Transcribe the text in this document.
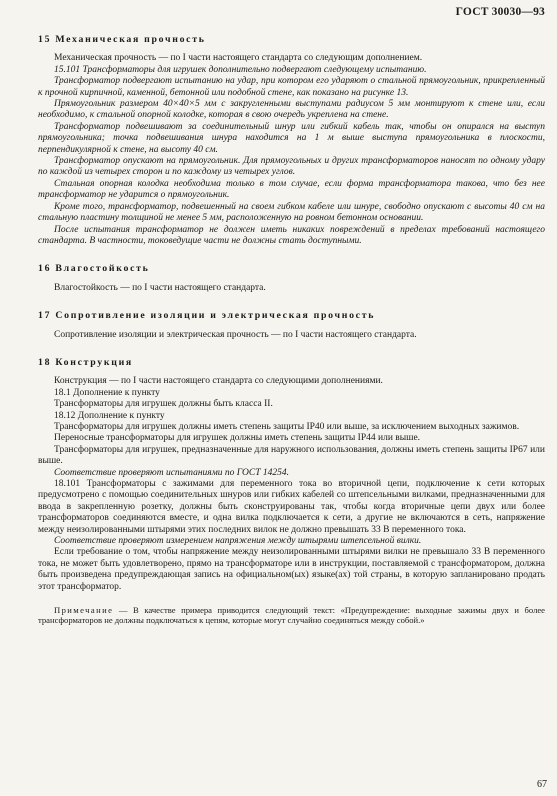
ГОСТ 30030—93
15 Механическая прочность

Механическая прочность — по I части настоящего стандарта со следующим дополнением.

15.101 Трансформаторы для игрушек дополнительно подвергают следующему испытанию.

Трансформатор подвергают испытанию на удар, при котором его ударяют о стальной прямоугольник, прикрепленный к прочной кирпичной, каменной, бетонной или подобной стене, как показано на рисунке 13.

Прямоугольник размером 40×40×5 мм с закругленными выступами радиусом 5 мм монтируют к стене или, если необходимо, к стальной опорной колодке, которая в свою очередь укреплена на стене.

Трансформатор подвешивают за соединительный шнур или гибкий кабель так, чтобы он опирался на выступ прямоугольника; точка подвешивания шнура находится на 1 м выше выступа прямоугольника в плоскости, перпендикулярной к стене, на высоту 40 см.

Трансформатор опускают на прямоугольник. Для прямоугольных и других трансформаторов наносят по одному удару по каждой из четырех сторон и по каждому из четырех углов.

Стальная опорная колодка необходима только в том случае, если форма трансформатора такова, что без нее трансформатор не ударится о прямоугольник.

Кроме того, трансформатор, подвешенный на своем гибком кабеле или шнуре, свободно опускают с высоты 40 см на стальную пластину толщиной не менее 5 мм, расположенную на ровном бетонном основании.

После испытания трансформатор не должен иметь никаких повреждений в пределах требований настоящего стандарта. В частности, токоведущие части не должны стать доступными.

16 Влагостойкость

Влагостойкость — по I части настоящего стандарта.

17 Сопротивление изоляции и электрическая прочность

Сопротивление изоляции и электрическая прочность — по I части настоящего стандарта.

18 Конструкция

Конструкция — по I части настоящего стандарта со следующими дополнениями.

18.1 Дополнение к пункту

Трансформаторы для игрушек должны быть класса II.

18.12 Дополнение к пункту

Трансформаторы для игрушек должны иметь степень защиты IP40 или выше, за исключением выходных зажимов.

Переносные трансформаторы для игрушек должны иметь степень защиты IP44 или выше.

Трансформаторы для игрушек, предназначенные для наружного использования, должны иметь степень защиты IP67 или выше.

Соответствие проверяют испытаниями по ГОСТ 14254.

18.101 Трансформаторы с зажимами для переменного тока во вторичной цепи, подключение к сети которых предусмотрено с помощью соединительных шнуров или гибких кабелей со штепсельными вилками, предназначенными для ввода в закрепленную розетку, должны быть сконструированы так, чтобы когда вторичные цепи двух или более трансформаторов соединяются вместе, и одна вилка подключается к сети, а другие не включаются в сеть, напряжение между неизолированными штырями этих последних вилок не должно превышать 33 В переменного тока.

Соответствие проверяют измерением напряжения между штырями штепсельной вилки.

Если требование о том, чтобы напряжение между неизолированными штырями вилки не превышало 33 В переменного тока, не может быть удовлетворено, прямо на трансформаторе или в инструкции, поставляемой с трансформатором, должна быть произведена предупреждающая запись на официальном(ых) языке(ах) той страны, в которую запланировано продать этот трансформатор.

Примечание — В качестве примера приводится следующий текст: «Предупреждение: выходные зажимы двух и более трансформаторов не должны подключаться к цепям, которые могут случайно соединяться между собой.»

67
